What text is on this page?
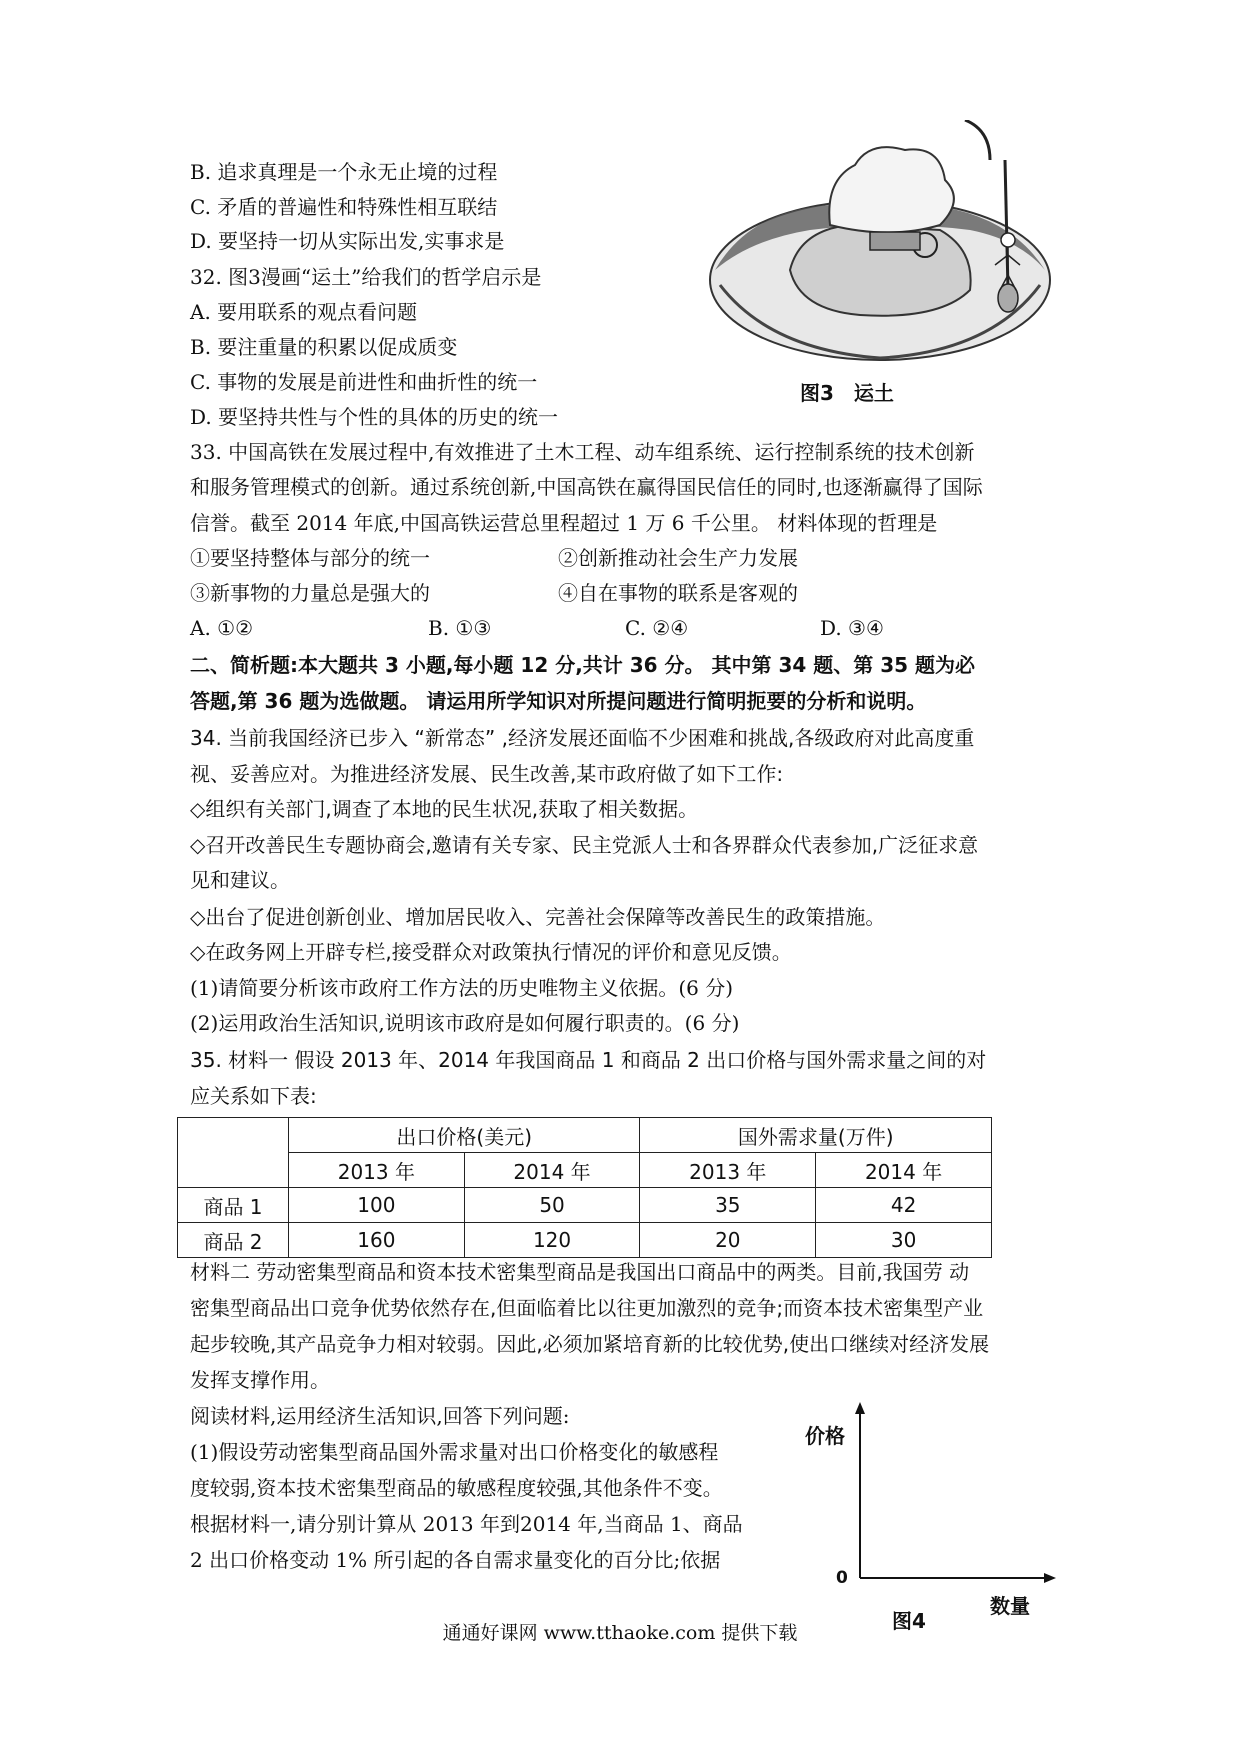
B. 追求真理是一个永无止境的过程
C. 矛盾的普遍性和特殊性相互联结
D. 要坚持一切从实际出发,实事求是
32. 图3漫画“运土”给我们的哲学启示是
A. 要用联系的观点看问题
B. 要注重量的积累以促成质变
C. 事物的发展是前进性和曲折性的统一
D. 要坚持共性与个性的具体的历史的统一
图3　运土
33. 中国高铁在发展过程中,有效推进了土木工程、动车组系统、运行控制系统的技术创新
和服务管理模式的创新。通过系统创新,中国高铁在赢得国民信任的同时,也逐渐赢得了国际
信誉。截至 2014 年底,中国高铁运营总里程超过 1 万 6 千公里。 材料体现的哲理是
①要坚持整体与部分的统一	②创新推动社会生产力发展
③新事物的力量总是强大的	④自在事物的联系是客观的
A. ①②	B. ①③	C. ②④	D. ③④
二、简析题:本大题共 3 小题,每小题 12 分,共计 36 分。 其中第 34 题、第 35 题为必
答题,第 36 题为选做题。 请运用所学知识对所提问题进行简明扼要的分析和说明。
34. 当前我国经济已步入 “新常态” ,经济发展还面临不少困难和挑战,各级政府对此高度重
视、妥善应对。为推进经济发展、民生改善,某市政府做了如下工作:
◇组织有关部门,调查了本地的民生状况,获取了相关数据。
◇召开改善民生专题协商会,邀请有关专家、民主党派人士和各界群众代表参加,广泛征求意
见和建议。
◇出台了促进创新创业、增加居民收入、完善社会保障等改善民生的政策措施。
◇在政务网上开辟专栏,接受群众对政策执行情况的评价和意见反馈。
(1)请简要分析该市政府工作方法的历史唯物主义依据。(6 分)
(2)运用政治生活知识,说明该市政府是如何履行职责的。(6 分)
35. 材料一 假设 2013 年、2014 年我国商品 1 和商品 2 出口价格与国外需求量之间的对
应关系如下表:
	出口价格(美元)		国外需求量(万件)	
	2013 年	2014 年	2013 年	2014 年
商品 1	100	50	35	42
商品 2	160	120	20	30
材料二 劳动密集型商品和资本技术密集型商品是我国出口商品中的两类。目前,我国劳 动
密集型商品出口竞争优势依然存在,但面临着比以往更加激烈的竞争;而资本技术密集型产业
起步较晚,其产品竞争力相对较弱。因此,必须加紧培育新的比较优势,使出口继续对经济发展
发挥支撑作用。
阅读材料,运用经济生活知识,回答下列问题:
(1)假设劳动密集型商品国外需求量对出口价格变化的敏感程
度较弱,资本技术密集型商品的敏感程度较强,其他条件不变。
根据材料一,请分别计算从 2013 年到2014 年,当商品 1、商品
2 出口价格变动 1% 所引起的各自需求量变化的百分比;依据
价格
0
数量
图4
通通好课网 www.tthaoke.com 提供下载
